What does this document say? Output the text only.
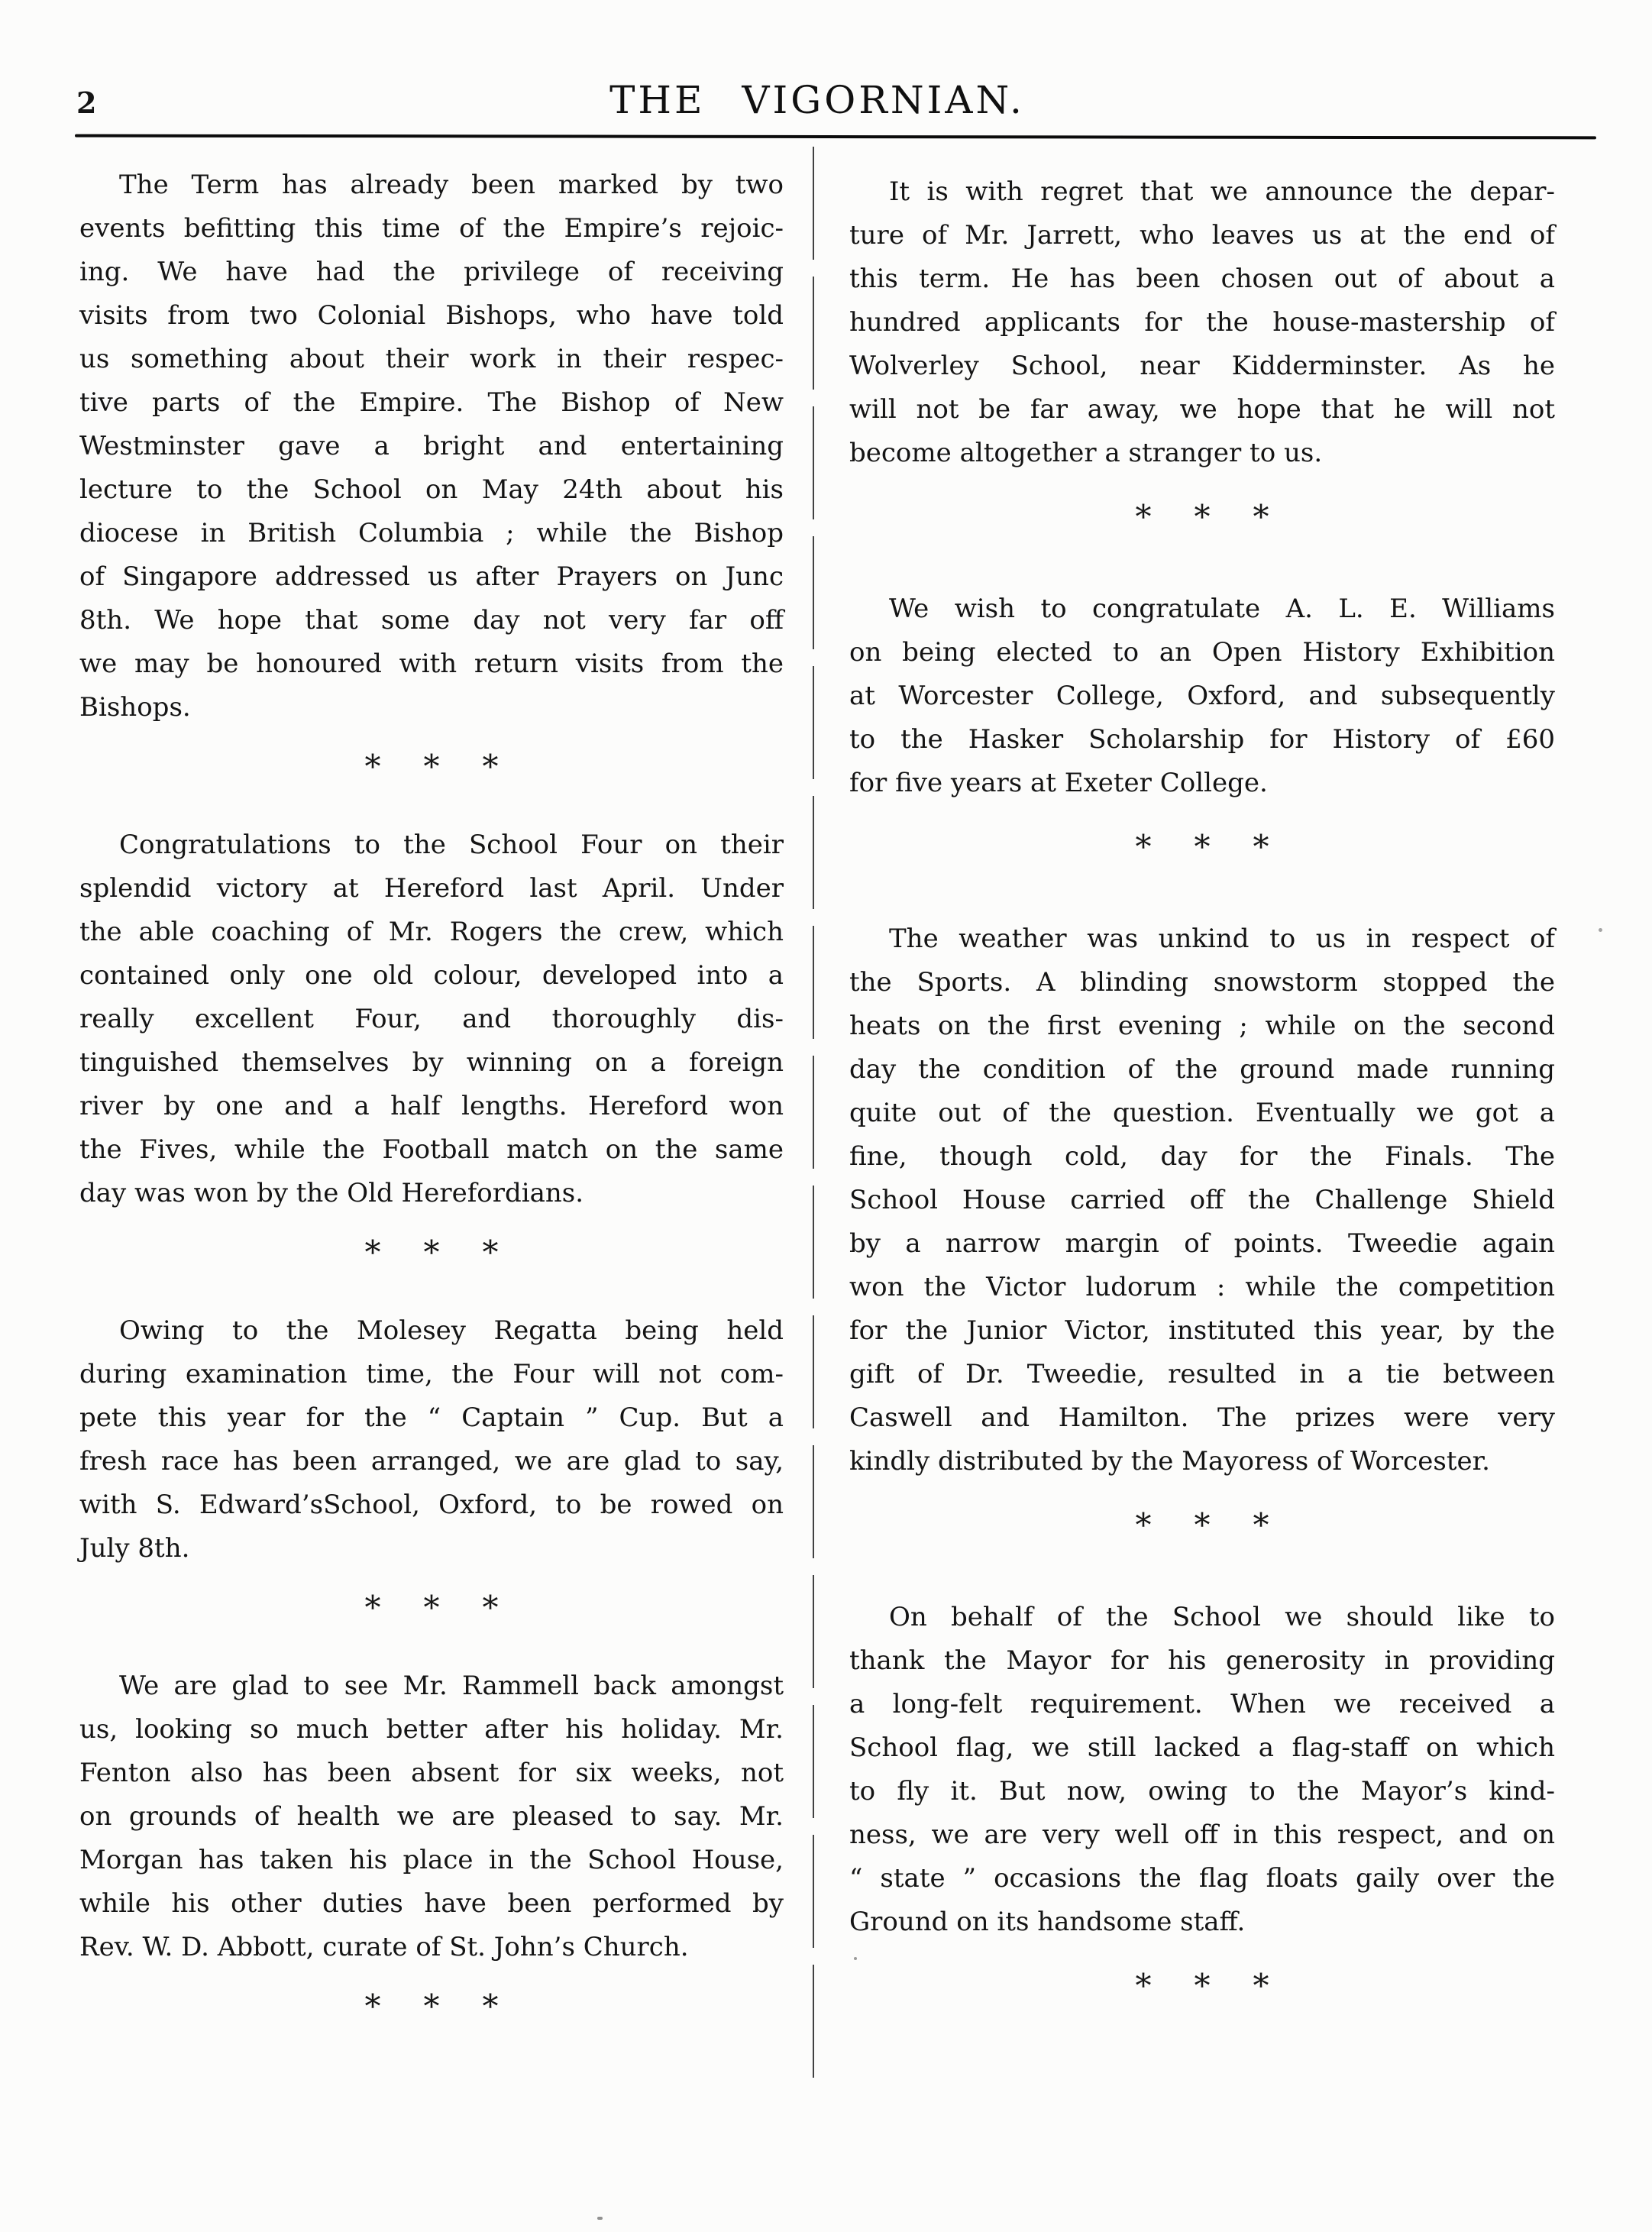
2	THE VIGORNIAN.
The Term has already been marked by two
events befitting this time of the Empire’s rejoic-
ing. We have had the privilege of receiving
visits from two Colonial Bishops, who have told
us something about their work in their respec-
tive parts of the Empire. The Bishop of New
Westminster gave a bright and entertaining
lecture to the School on May 24th about his
diocese in British Columbia ; while the Bishop
of Singapore addressed us after Prayers on Junc
8th. We hope that some day not very far off
we may be honoured with return visits from the
Bishops.
* * *
Congratulations to the School Four on their
splendid victory at Hereford last April. Under
the able coaching of Mr. Rogers the crew, which
contained only one old colour, developed into a
really excellent Four, and thoroughly dis-
tinguished themselves by winning on a foreign
river by one and a half lengths. Hereford won
the Fives, while the Football match on the same
day was won by the Old Herefordians.
* * *
Owing to the Molesey Regatta being held
during examination time, the Four will not com-
pete this year for the “ Captain ” Cup. But a
fresh race has been arranged, we are glad to say,
with S. Edward’sSchool, Oxford, to be rowed on
July 8th.
* * *
We are glad to see Mr. Rammell back amongst
us, looking so much better after his holiday. Mr.
Fenton also has been absent for six weeks, not
on grounds of health we are pleased to say. Mr.
Morgan has taken his place in the School House,
while his other duties have been performed by
Rev. W. D. Abbott, curate of St. John’s Church.
* * *
It is with regret that we announce the depar-
ture of Mr. Jarrett, who leaves us at the end of
this term. He has been chosen out of about a
hundred applicants for the house-mastership of
Wolverley School, near Kidderminster. As he
will not be far away, we hope that he will not
become altogether a stranger to us.
* * *
We wish to congratulate A. L. E. Williams
on being elected to an Open History Exhibition
at Worcester College, Oxford, and subsequently
to the Hasker Scholarship for History of £60
for five years at Exeter College.
* * *
The weather was unkind to us in respect of
the Sports. A blinding snowstorm stopped the
heats on the first evening ; while on the second
day the condition of the ground made running
quite out of the question. Eventually we got a
fine, though cold, day for the Finals. The
School House carried off the Challenge Shield
by a narrow margin of points. Tweedie again
won the Victor ludorum : while the competition
for the Junior Victor, instituted this year, by the
gift of Dr. Tweedie, resulted in a tie between
Caswell and Hamilton. The prizes were very
kindly distributed by the Mayoress of Worcester.
* * *
On behalf of the School we should like to
thank the Mayor for his generosity in providing
a long-felt requirement. When we received a
School flag, we still lacked a flag-staff on which
to fly it. But now, owing to the Mayor’s kind-
ness, we are very well off in this respect, and on
“ state ” occasions the flag floats gaily over the
Ground on its handsome staff.
* * *
